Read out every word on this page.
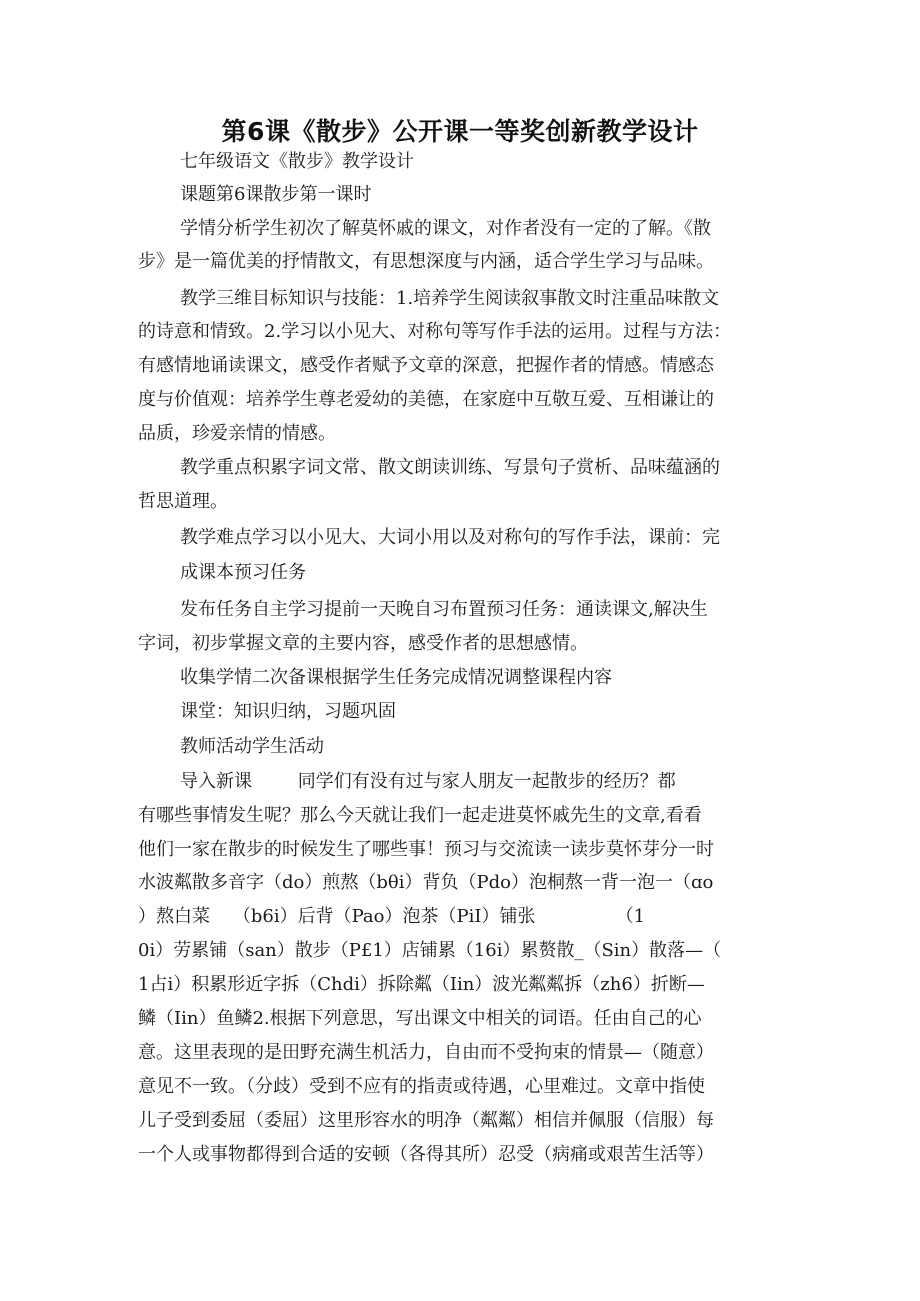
第6课《散步》公开课一等奖创新教学设计
七年级语文《散步》教学设计
课题第6课散步第一课时
学情分析学生初次了解莫怀戚的课文，对作者没有一定的了解。《散
步》是一篇优美的抒情散文，有思想深度与内涵，适合学生学习与品味。
教学三维目标知识与技能：1.培养学生阅读叙事散文时注重品味散文
的诗意和情致。2.学习以小见大、对称句等写作手法的运用。过程与方法：
有感情地诵读课文，感受作者赋予文章的深意，把握作者的情感。情感态
度与价值观：培养学生尊老爱幼的美德，在家庭中互敬互爱、互相谦让的
品质，珍爱亲情的情感。
教学重点积累字词文常、散文朗读训练、写景句子赏析、品味蕴涵的
哲思道理。
教学难点学习以小见大、大词小用以及对称句的写作手法，课前：完
成课本预习任务
发布任务自主学习提前一天晚自习布置预习任务：通读课文,解决生
字词，初步掌握文章的主要内容，感受作者的思想感情。
收集学情二次备课根据学生任务完成情况调整课程内容
课堂：知识归纳，习题巩固
教师活动学生活动
导入新课        同学们有没有过与家人朋友一起散步的经历？都
有哪些事情发生呢？那么今天就让我们一起走进莫怀戚先生的文章,看看
他们一家在散步的时候发生了哪些事！预习与交流读一读步莫怀芽分一时
水波粼散多音字（do）煎熬（bθi）背负（Pdo）泡桐熬一背一泡一（ɑo
）熬白菜    （b6i）后背（Pao）泡茶（PiI）铺张              （1
0i）劳累铺（san）散步（P£1）店铺累（16i）累赘散_（Sin）散落—（
1占i）积累形近字拆（Chdi）拆除粼（Iin）波光粼粼拆（zh6）折断—
鳞（Iin）鱼鳞2.根据下列意思，写出课文中相关的词语。任由自己的心
意。这里表现的是田野充满生机活力，自由而不受拘束的情景—（随意）
意见不一致。（分歧）受到不应有的指责或待遇，心里难过。文章中指使
儿子受到委屈（委屈）这里形容水的明净（粼粼）相信并佩服（信服）每
一个人或事物都得到合适的安顿（各得其所）忍受（病痛或艰苦生活等）
